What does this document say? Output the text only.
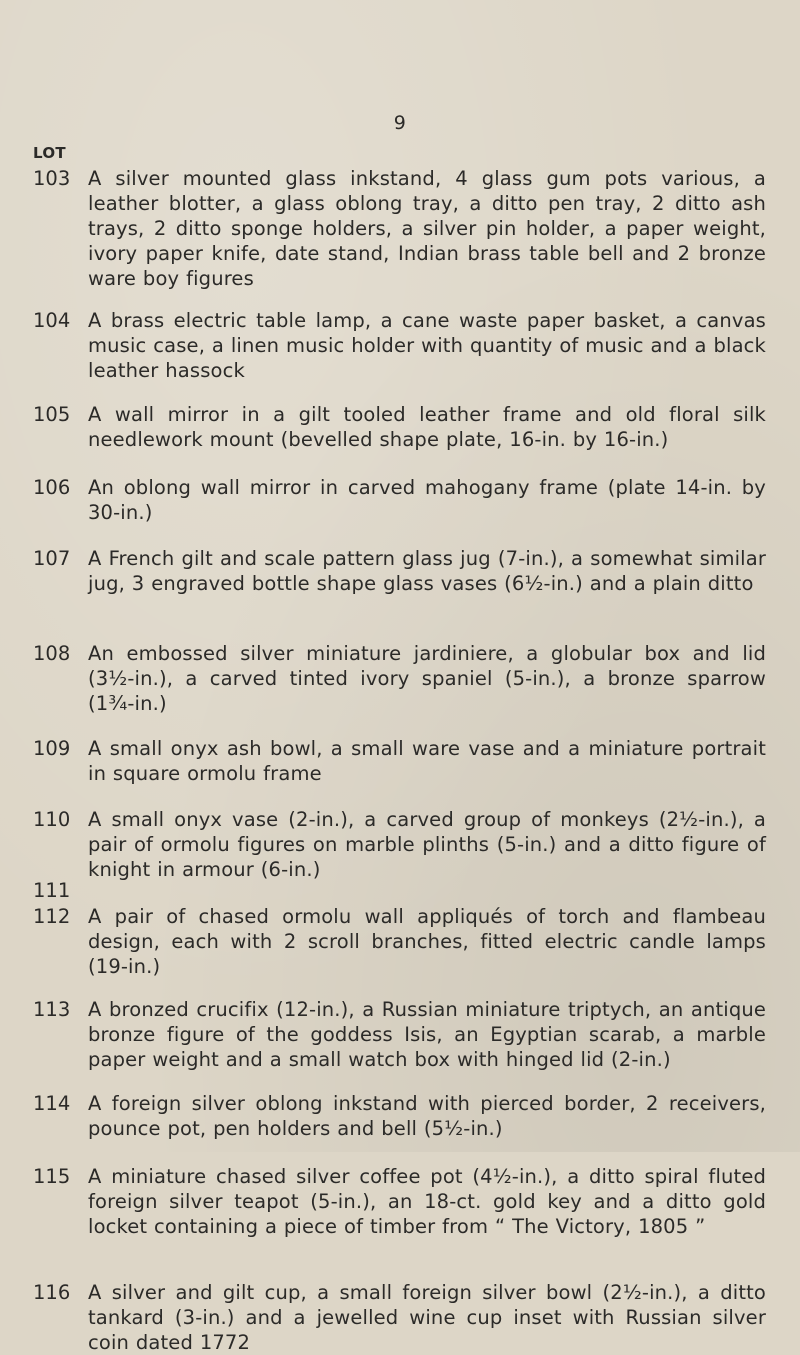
9
LOT
103 A silver mounted glass inkstand, 4 glass gum pots various, a leather blotter, a glass oblong tray, a ditto pen tray, 2 ditto ash trays, 2 ditto sponge holders, a silver pin holder, a paper weight, ivory paper knife, date stand, Indian brass table bell and 2 bronze ware boy figures
104 A brass electric table lamp, a cane waste paper basket, a canvas music case, a linen music holder with quantity of music and a black leather hassock
105 A wall mirror in a gilt tooled leather frame and old floral silk needlework mount (bevelled shape plate, 16-in. by 16-in.)
106 An oblong wall mirror in carved mahogany frame (plate 14-in. by 30-in.)
107 A French gilt and scale pattern glass jug (7-in.), a somewhat similar jug, 3 engraved bottle shape glass vases (6½-in.) and a plain ditto
108 An embossed silver miniature jardiniere, a globular box and lid (3½-in.), a carved tinted ivory spaniel (5-in.), a bronze sparrow (1¾-in.)
109 A small onyx ash bowl, a small ware vase and a miniature portrait in square ormolu frame
110 A small onyx vase (2-in.), a carved group of monkeys (2½-in.), a pair of ormolu figures on marble plinths (5-in.) and a ditto figure of knight in armour (6-in.)
111
112 A pair of chased ormolu wall appliqués of torch and flambeau design, each with 2 scroll branches, fitted electric candle lamps (19-in.)
113 A bronzed crucifix (12-in.), a Russian miniature triptych, an antique bronze figure of the goddess Isis, an Egyptian scarab, a marble paper weight and a small watch box with hinged lid (2-in.)
114 A foreign silver oblong inkstand with pierced border, 2 receivers, pounce pot, pen holders and bell (5½-in.)
115 A miniature chased silver coffee pot (4½-in.), a ditto spiral fluted foreign silver teapot (5-in.), an 18-ct. gold key and a ditto gold locket containing a piece of timber from “ The Victory, 1805 ”
116 A silver and gilt cup, a small foreign silver bowl (2½-in.), a ditto tankard (3-in.) and a jewelled wine cup inset with Russian silver coin dated 1772
